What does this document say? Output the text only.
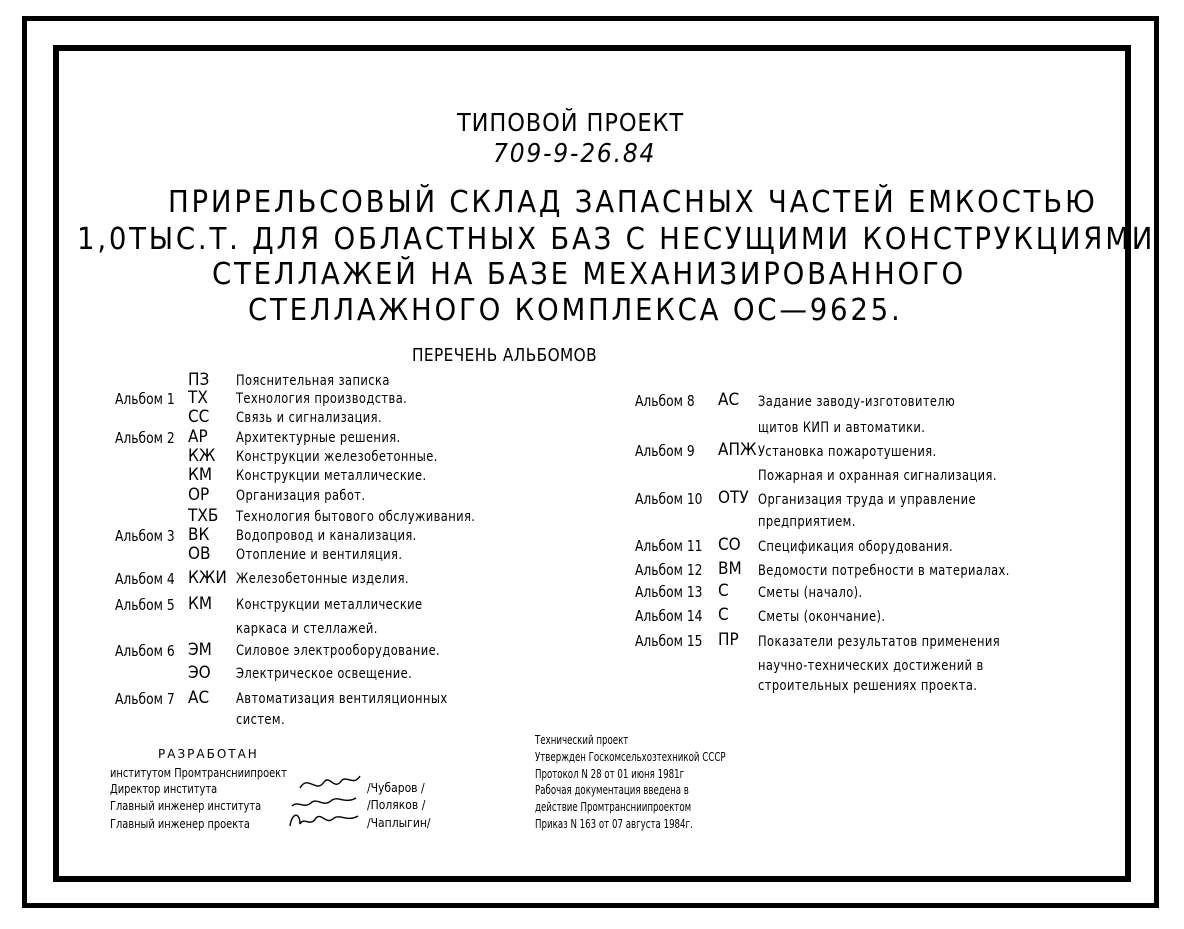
ТИПОВОЙ ПРОЕКТ
709-9-26.84
ПРИРЕЛЬСОВЫЙ СКЛАД ЗАПАСНЫХ ЧАСТЕЙ ЕМКОСТЬЮ
1,0ТЫС.Т. ДЛЯ ОБЛАСТНЫХ БАЗ С НЕСУЩИМИ КОНСТРУКЦИЯМИ
СТЕЛЛАЖЕЙ НА БАЗЕ МЕХАНИЗИРОВАННОГО
СТЕЛЛАЖНОГО КОМПЛЕКСА ОС—9625.
ПЕРЕЧЕНЬ АЛЬБОМОВ
ПЗ Пояснительная записка
Альбом 1 ТХ Технология производства.
СС Связь и сигнализация.
Альбом 2 АР Архитектурные решения.
КЖ Конструкции железобетонные.
КМ Конструкции металлические.
ОР Организация работ.
ТХБ Технология бытового обслуживания.
Альбом 3 ВК Водопровод и канализация.
ОВ Отопление и вентиляция.
Альбом 4 КЖИ Железобетонные изделия.
Альбом 5 КМ Конструкции металлические
каркаса и стеллажей.
Альбом 6 ЭМ Силовое электрооборудование.
ЭО Электрическое освещение.
Альбом 7 АС Автоматизация вентиляционных
систем.
Альбом 8	АС Задание заводу-изготовителю
щитов КИП и автоматики.
Альбом 9	АПЖ Установка пожаротушения.
Пожарная и охранная сигнализация.
Альбом 10 ОТУ Организация труда и управление
предприятием.
Альбом 11 СО Спецификация оборудования.
Альбом 12 ВМ Ведомости потребности в материалах.
Альбом 13 С Сметы (начало).
Альбом 14 С Сметы (окончание).
Альбом 15 ПР Показатели результатов применения
научно-технических достижений в
строительных решениях проекта.
РАЗРАБОТАН
институтом Промтрансниипроект
Директор института	/Чубаров /
Главный инженер института	/Поляков /
Главный инженер проекта	/Чаплыгин/
Технический проект
Утвержден Госкомсельхозтехникой СССР
Протокол N 28 от 01 июня 1981г
Рабочая документация введена в
действие Промтрансниипроектом
Приказ N 163 от 07 августа 1984г.
